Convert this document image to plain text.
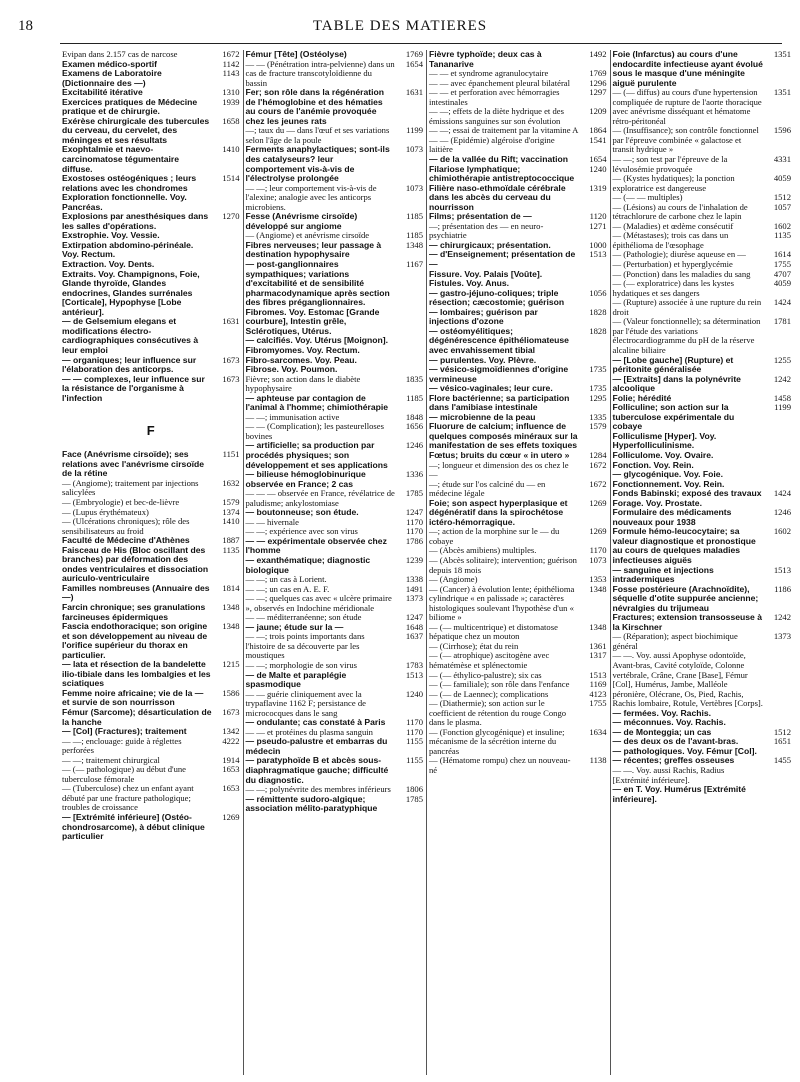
TABLE DES MATIERES
18
Evipan dans 2.157 cas de narcose	1672
Examen médico-sportif	1142
Examens de Laboratoire (Dictionnaire des —)
1143
Excitabilité itérative	1310
Exercices pratiques de Médecine pratique et de chirurgie.
1939
Exérèse chirurgicale des tubercules du cerveau, du cervelet, des méninges et ses résultats
1658
Exophtalmie et naevo-carcinomatose tégumentaire diffuse.
1410
Exostoses ostéogéniques ; leurs relations avec les chondromes
1514
Exploration fonctionnelle. Voy. Pancréas.
Explosions par anesthésiques dans les salles d'opérations.
1270
Exstrophie. Voy. Vessie.
Extirpation abdomino-périnéale. Voy. Rectum.
Extraction. Voy. Dents.
Extraits. Voy. Champignons, Foie, Glande thyroïde, Glandes endocrines, Glandes surrénales [Corticale], Hypophyse [Lobe antérieur].
— de Gelsemium elegans et modifications électro-cardiographiques consécutives à leur emploi
1631
— organiques; leur influence sur l'élaboration des anticorps.
1673
— — complexes, leur influence sur la résistance de l'organisme à l'infection
1673
F
Face (Anévrisme cirsoïde); ses relations avec l'anévrisme cirsoïde de la rétine
1151
— (Angiome); traitement par injections salicylées
1632
— (Embryologie) et bec-de-lièvre	1579
— (Lupus érythémateux)	1374
— (Ulcérations chroniques); rôle des sensibilisateurs au froid
1410
Faculté de Médecine d'Athènes	1887
Faisceau de His (Bloc oscillant des branches) par déformation des ondes ventriculaires et dissociation auriculo-ventriculaire
1135
Familles nombreuses (Annuaire des —)
1814
Farcin chronique; ses granulations farcineuses épidermiques
1348
Fascia endothoracique; son origine et son développement au niveau de l'orifice supérieur du thorax en particulier.
1348
— lata et résection de la bandelette ilio-tibiale dans les lombalgies et les sciatiques
1215
Femme noire africaine; vie de la — et survie de son nourrisson
1586
Fémur (Sarcome); désarticulation de la hanche
1673
— [Col] (Fractures); traitement	1342
— —; enclouage: guide à réglettes perforées
4222
— —; traitement chirurgical	1914
— (— pathologique) au début d'une tuberculose fémorale
1653
— (Tuberculose) chez un enfant ayant débuté par une fracture pathologique; troubles de croissance
1653
— [Extrémité inférieure] (Ostéo-chondrosarcome), à début clinique particulier
1269
Fémur [Tête] (Ostéolyse)	1769
— — (Pénétration intra-pelvienne) dans un cas de fracture transcotyloïdienne du bassin
1654
Fer; son rôle dans la régénération de l'hémoglobine et des hématies au cours de l'anémie provoquée chez les jeunes rats
1631
—; taux du — dans l'œuf et ses variations selon l'âge de la poule
1199
Ferments anaphylactiques; sont-ils des catalyseurs? leur comportement vis-à-vis de l'électrolyse prolongée
1073
— —; leur comportement vis-à-vis de l'alexine; analogie avec les anticorps microbiens.
1073
Fesse (Anévrisme cirsoïde) développé sur angiome
1185
— (Angiome) et anévrisme cirsoïde	1185
Fibres nerveuses; leur passage à destination hypophysaire
1348
— post-ganglionnaires sympathiques; variations d'excitabilité et de sensibilité pharmacodynamique après section des fibres préganglionnaires.
1167
Fibromes. Voy. Estomac [Grande courbure], Intestin grêle, Sclérotiques, Utérus.
— calcifiés. Voy. Utérus [Moignon].
Fibromyomes. Voy. Rectum.
Fibro-sarcomes. Voy. Peau.
Fibrose. Voy. Poumon.
Fièvre; son action dans le diabète hypophysaire
1835
— aphteuse par contagion de l'animal à l'homme; chimiothérapie
1185
— —; immunisation active	1848
— — (Complication); les pasteurelloses bovines
1656
— artificielle; sa production par procédés physiques; son développement et ses applications
1246
— bilieuse hémoglobinurique observée en France; 2 cas
1336
— — — observée en France, révélatrice de paludisme; ankylostomiase
1785
— boutonneuse; son étude.	1247
— — hivernale	1170
— —; expérience avec son virus	1170
— — expérimentale observée chez l'homme
1786
— exanthématique; diagnostic biologique
1239
— —; un cas à Lorient.	1338
— —; un cas en A. E. F.	1491
— —; quelques cas avec « ulcère primaire », observés en Indochine méridionale
1373
— — méditerranéenne; son étude	1247
— jaune; étude sur la —	1648
— —; trois points importants dans l'histoire de sa découverte par les moustiques
1637
— —; morphologie de son virus	1783
— de Malte et paraplégie spasmodique
1513
— — guérie cliniquement avec la trypaflavine 1162 F; persistance de micrococques dans le sang
1240
— ondulante; cas constaté à Paris	1170
— — et protéines du plasma sanguin	1170
— pseudo-palustre et embarras du médecin
1155
— paratyphoïde B et abcès sous-diaphragmatique gauche; difficulté du diagnostic.
1155
— —; polynévrite des membres inférieurs	1806
— rémittente sudoro-algique; association mélito-paratyphique
1785
Fièvre typhoïde; deux cas à Tananarive
1492
— — et syndrome agranulocytaire	1769
— — avec épanchement pleural bilatéral	1296
— — et perforation avec hémorragies intestinales
1297
— —; effets de la diète hydrique et des émissions sanguines sur son évolution
1209
— —; essai de traitement par la vitamine A	1864
— — (Epidémie) algéroise d'origine laitière
1541
— de la vallée du Rift; vaccination	1654
Filariose lymphatique; chimiothérapie antistreptococcique
1240
Filière naso-ethmoïdale cérébrale dans les abcès du cerveau du nourrisson
1319
Films; présentation de —	1120
—; présentation des — en neuro-psychiatrie
1271
— chirurgicaux; présentation.	1000
— d'Enseignement; présentation de —
1513
Fissure. Voy. Palais [Voûte].
Fistules. Voy. Anus.
— gastro-jéjuno-coliques; triple résection; cæcostomie; guérison
1056
— lombaires; guérison par injections d'ozone
1828
— ostéomyélitiques; dégénérescence épithéliomateuse avec envahissement tibial
1828
— purulentes. Voy. Plèvre.
— vésico-sigmoïdiennes d'origine vermineuse
1735
— vésico-vaginales; leur cure.	1735
Flore bactérienne; sa participation dans l'amibiase intestinale
1295
— microbienne de la peau	1335
Fluorure de calcium; influence de quelques composés minéraux sur la manifestation de ses effets toxiques
1579
Fœtus; bruits du cœur « in utero »	1284
—; longueur et dimension des os chez le —
1672
—; étude sur l'os calciné du — en médecine légale
1672
Foie; son aspect hyperplasique et dégénératif dans la spirochétose ictéro-hémorragique.
1269
—; action de la morphine sur le — du cobaye
1269
— (Abcès amibiens) multiples.	1170
— (Abcès solitaire); intervention; guérison depuis 18 mois
1073
— (Angiome)	1353
— (Cancer) à évolution lente; épithélioma cylindrique « en palissade »; caractères histologiques soulevant l'hypothèse d'un « biliome »
1348
— (— multicentrique) et distomatose hépatique chez un mouton
1348
— (Cirrhose); état du rein	1361
— (— atrophique) ascitogène avec hématémèse et splénectomie
1317
— (— éthylico-palustre); six cas	1513
— (— familiale); son rôle dans l'enfance	1169
— (— de Laennec); complications	4123
— (Diathermie); son action sur le coefficient de rétention du rouge Congo dans le plasma.
1755
— (Fonction glycogénique) et insuline; mécanisme de la sécrétion interne du pancréas
1634
— (Hématome rompu) chez un nouveau-né
1138
Foie (Infarctus) au cours d'une endocardite infectieuse ayant évolué sous le masque d'une méningite aiguë purulente
1351
— (— diffus) au cours d'une hypertension compliquée de rupture de l'aorte thoracique avec anévrisme disséquant et hématome rétro-péritonéal
1351
— (Insuffisance); son contrôle fonctionnel par l'épreuve combinée « galactose et transit hydrique »
1596
— —; son test par l'épreuve de la lévulosémie provoquée
4331
— (Kystes hydatiques); la ponction exploratrice est dangereuse
4059
— (— — multiples)	1512
— (Lésions) au cours de l'inhalation de tétrachlorure de carbone chez le lapin
1057
— (Maladies) et œdème consécutif	1602
— (Métastases); trois cas dans un épithélioma de l'œsophage
1135
— (Pathologie); diurèse aqueuse en —	1614
— (Perturbation) et hyperglycémie	1755
— (Ponction) dans les maladies du sang	4707
— (— exploratrice) dans les kystes hydatiques et ses dangers
4059
— (Rupture) associée à une rupture du rein droit
1424
— (Valeur fonctionnelle); sa détermination par l'étude des variations électrocardiogramme du pH de la réserve alcaline biliaire
1781
— [Lobe gauche] (Rupture) et péritonite généralisée
1255
— [Extraits] dans la polynévrite alcoolique
1242
Folie; hérédité	1458
Folliculine; son action sur la tuberculose expérimentale du cobaye
1199
Folliculisme [Hyper]. Voy. Hyperfolliculinisme.
Folliculome. Voy. Ovaire.
Fonction. Voy. Rein.
— glycogénique. Voy. Foie.
Fonctionnement. Voy. Rein.
Fonds Babinski; exposé des travaux	1424
Forage. Voy. Prostate.
Formulaire des médicaments nouveaux pour 1938
1246
Formule hémo-leucocytaire; sa valeur diagnostique et pronostique au cours de quelques maladies infectieuses aiguës
1602
— sanguine et injections intradermiques
1513
Fosse postérieure (Arachnoïdite), séquelle d'otite suppurée ancienne; névralgies du trijumeau
1186
Fractures; extension transosseuse à la Kirschner
1242
— (Réparation); aspect biochimique général
1373
— —. Voy. aussi Apophyse odontoïde, Avant-bras, Cavité cotyloïde, Colonne vertébrale, Crâne, Crane [Base], Fémur [Col], Humérus, Jambe, Malléole péronière, Olécrane, Os, Pied, Rachis, Rachis lombaire, Rotule, Vertèbres [Corps].
— fermées. Voy. Rachis.
— méconnues. Voy. Rachis.
— de Monteggia; un cas	1512
— des deux os de l'avant-bras.	1651
— pathologiques. Voy. Fémur [Col].
— récentes; greffes osseuses	1455
— —. Voy. aussi Rachis, Radius [Extrémité inférieure].
— en T. Voy. Humérus [Extrémité inférieure].
